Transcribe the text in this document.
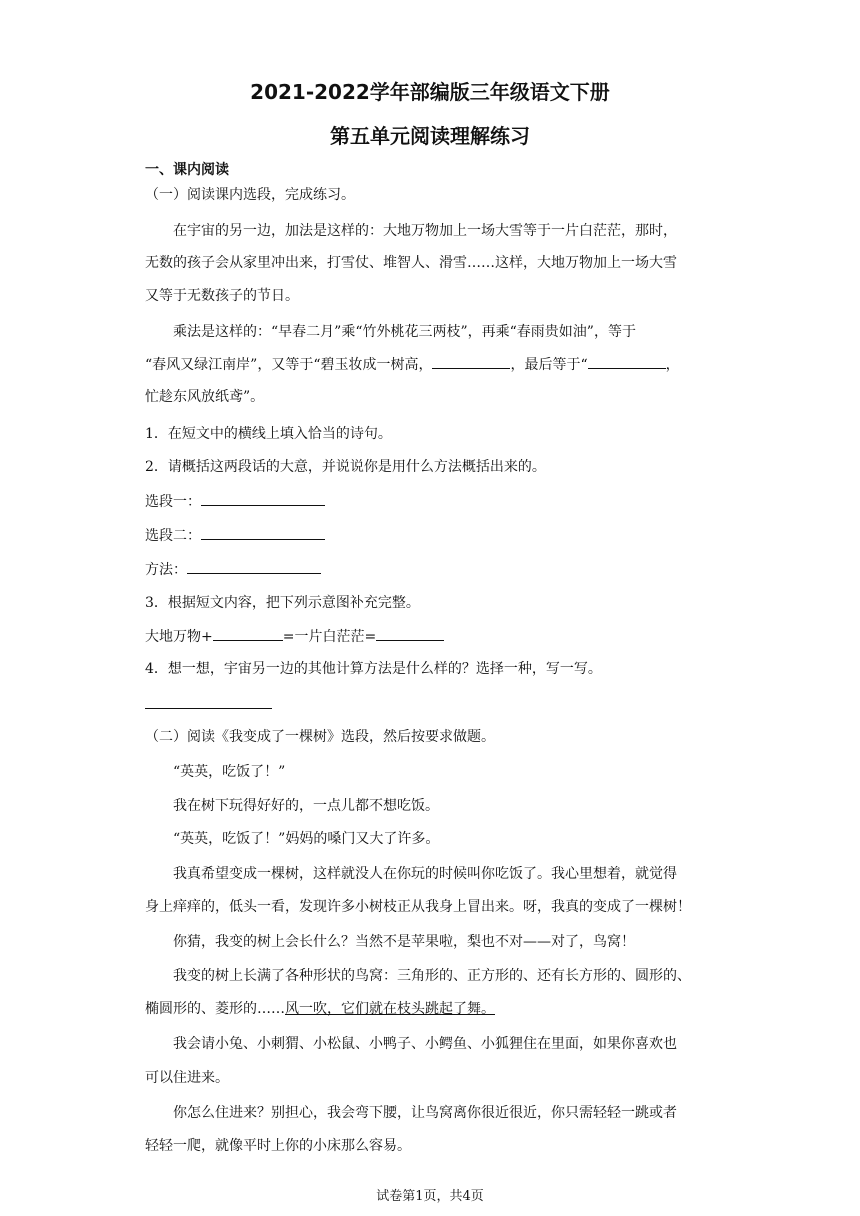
2021-2022学年部编版三年级语文下册
第五单元阅读理解练习
一、课内阅读
（一）阅读课内选段，完成练习。
在宇宙的另一边，加法是这样的：大地万物加上一场大雪等于一片白茫茫，那时，
无数的孩子会从家里冲出来，打雪仗、堆智人、滑雪……这样，大地万物加上一场大雪
又等于无数孩子的节日。
乘法是这样的：“早春二月”乘“竹外桃花三两枝”，再乘“春雨贵如油”，等于
“春风又绿江南岸”，又等于“碧玉妆成一树高，	，最后等于“	，
忙趁东风放纸鸢”。
1．在短文中的横线上填入恰当的诗句。
2．请概括这两段话的大意，并说说你是用什么方法概括出来的。
选段一：
选段二：
方法：
3．根据短文内容，把下列示意图补充完整。
大地万物+	=一片白茫茫=
4．想一想，宇宙另一边的其他计算方法是什么样的？选择一种，写一写。
（二）阅读《我变成了一棵树》选段，然后按要求做题。
“英英，吃饭了！”
我在树下玩得好好的，一点儿都不想吃饭。
“英英，吃饭了！”妈妈的嗓门又大了许多。
我真希望变成一棵树，这样就没人在你玩的时候叫你吃饭了。我心里想着，就觉得
身上痒痒的，低头一看，发现许多小树枝正从我身上冒出来。呀，我真的变成了一棵树！
你猜，我变的树上会长什么？当然不是苹果啦，梨也不对——对了，鸟窝！
我变的树上长满了各种形状的鸟窝：三角形的、正方形的、还有长方形的、圆形的、
椭圆形的、菱形的……风一吹，它们就在枝头跳起了舞。
我会请小兔、小刺猬、小松鼠、小鸭子、小鳄鱼、小狐狸住在里面，如果你喜欢也
可以住进来。
你怎么住进来？别担心，我会弯下腰，让鸟窝离你很近很近，你只需轻轻一跳或者
轻轻一爬，就像平时上你的小床那么容易。
试卷第1页，共4页
